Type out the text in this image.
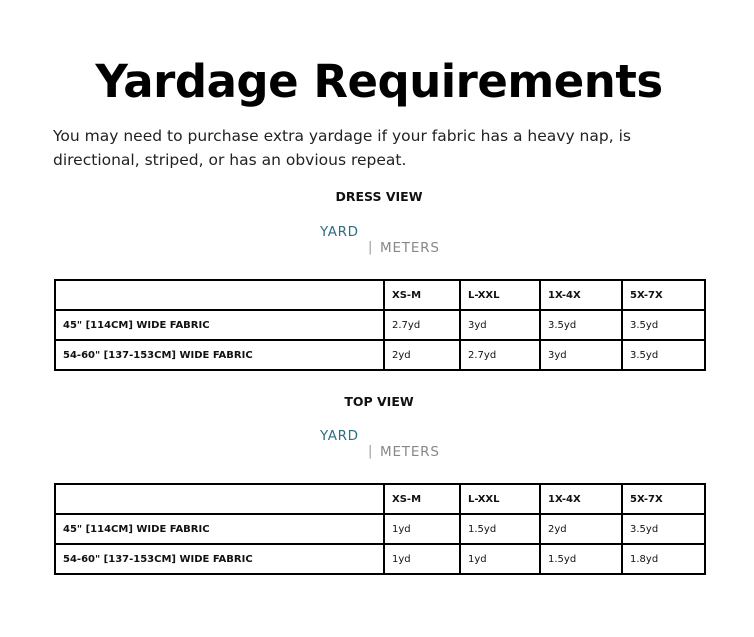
Yardage Requirements

You may need to purchase extra yardage if your fabric has a heavy nap, is directional, striped, or has an obvious repeat.

DRESS VIEW
YARD
| METERS
	XS-M	L-XXL	1X-4X	5X-7X
45" [114CM] WIDE FABRIC	2.7yd	3yd	3.5yd	3.5yd
54-60" [137-153CM] WIDE FABRIC	2yd	2.7yd	3yd	3.5yd
TOP VIEW
YARD
| METERS
	XS-M	L-XXL	1X-4X	5X-7X
45" [114CM] WIDE FABRIC	1yd	1.5yd	2yd	3.5yd
54-60" [137-153CM] WIDE FABRIC	1yd	1yd	1.5yd	1.8yd
